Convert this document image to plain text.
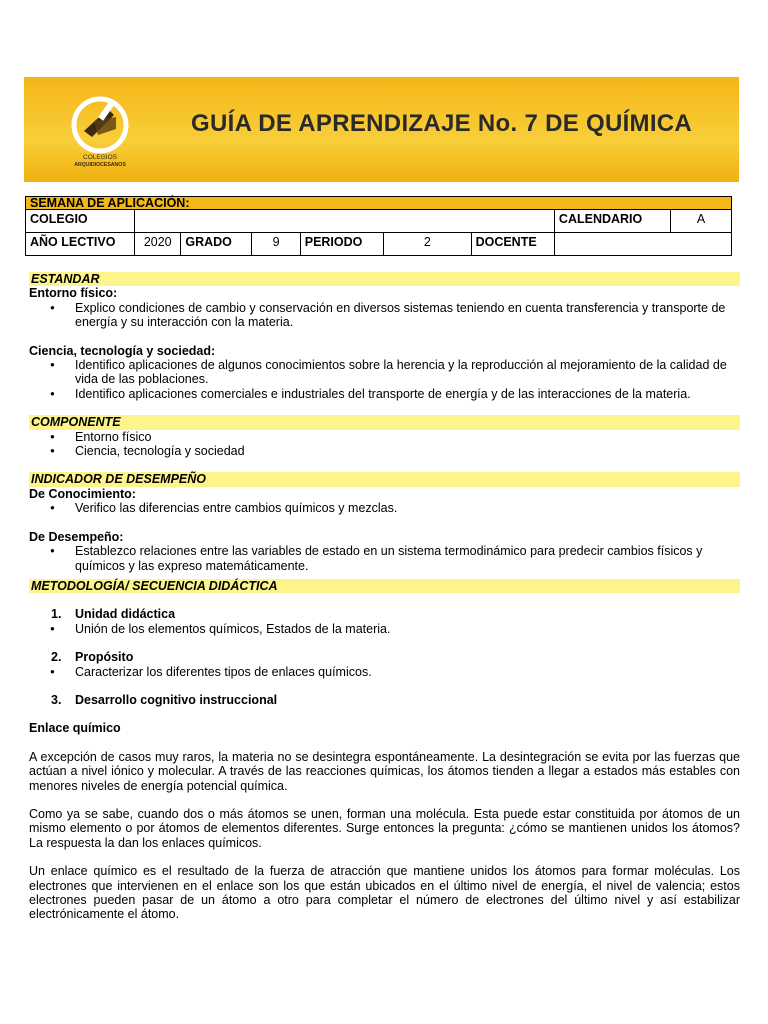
COLEGIOS
ARQUIDIOCESANOS
GUÍA DE APRENDIZAJE No. 7 DE QUÍMICA
SEMANA DE APLICACIÓN:								
COLEGIO							CALENDARIO	A
AÑO LECTIVO	2020	GRADO	9	PERIODO	2	DOCENTE		
ESTANDAR
Entorno físico:
● Explico condiciones de cambio y conservación en diversos sistemas teniendo en cuenta transferencia y transporte de energía y su interacción con la materia.
Ciencia, tecnología y sociedad:
● Identifico aplicaciones de algunos conocimientos sobre la herencia y la reproducción al mejoramiento de la calidad de vida de las poblaciones.
● Identifico aplicaciones comerciales e industriales del transporte de energía y de las interacciones de la materia.
COMPONENTE
● Entorno físico
● Ciencia, tecnología y sociedad
INDICADOR DE DESEMPEÑO
De Conocimiento:
● Verifico las diferencias entre cambios químicos y mezclas.
De Desempeño:
● Establezco relaciones entre las variables de estado en un sistema termodinámico para predecir cambios físicos y químicos y las expreso matemáticamente.
METODOLOGÍA/ SECUENCIA DIDÁCTICA
1. Unidad didáctica
● Unión de los elementos químicos, Estados de la materia.
2. Propósito
● Caracterizar los diferentes tipos de enlaces químicos.
3. Desarrollo cognitivo instruccional
Enlace químico

A excepción de casos muy raros, la materia no se desintegra espontáneamente. La desintegración se evita por las fuerzas que actúan a nivel iónico y molecular. A través de las reacciones químicas, los átomos tienden a llegar a estados más estables con menores niveles de energía potencial química.

Como ya se sabe, cuando dos o más átomos se unen, forman una molécula. Esta puede estar constituida por átomos de un mismo elemento o por átomos de elementos diferentes. Surge entonces la pregunta: ¿cómo se mantienen unidos los átomos? La respuesta la dan los enlaces químicos.

Un enlace químico es el resultado de la fuerza de atracción que mantiene unidos los átomos para formar moléculas. Los electrones que intervienen en el enlace son los que están ubicados en el último nivel de energía, el nivel de valencia; estos electrones pueden pasar de un átomo a otro para completar el número de electrones del último nivel y así estabilizar electrónicamente el átomo.
